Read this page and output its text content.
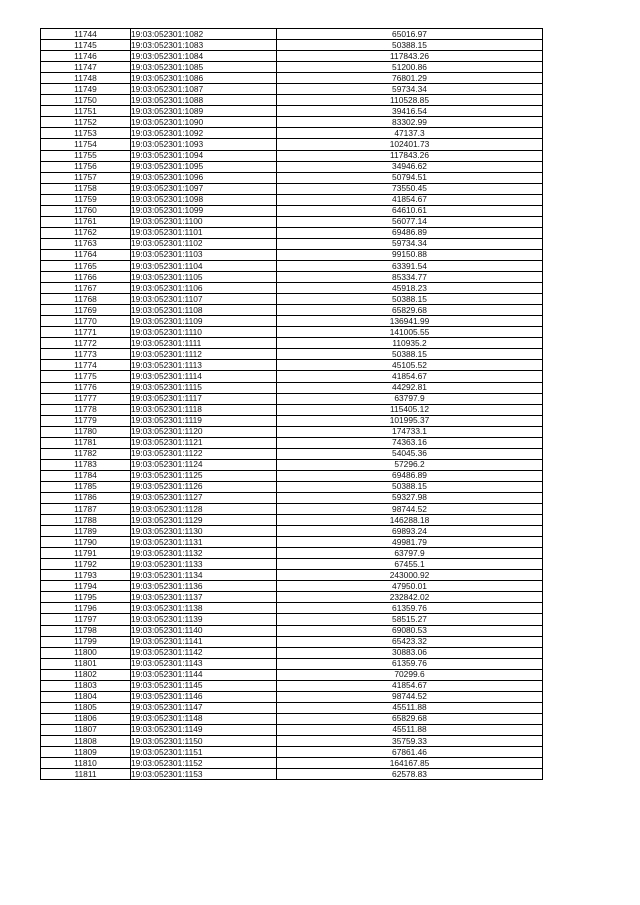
11744	19:03:052301:1082	65016.97
11745	19:03:052301:1083	50388.15
11746	19:03:052301:1084	117843.26
11747	19:03:052301:1085	51200.86
11748	19:03:052301:1086	76801.29
11749	19:03:052301:1087	59734.34
11750	19:03:052301:1088	110528.85
11751	19:03:052301:1089	39416.54
11752	19:03:052301:1090	83302.99
11753	19:03:052301:1092	47137.3
11754	19:03:052301:1093	102401.73
11755	19:03:052301:1094	117843.26
11756	19:03:052301:1095	34946.62
11757	19:03:052301:1096	50794.51
11758	19:03:052301:1097	73550.45
11759	19:03:052301:1098	41854.67
11760	19:03:052301:1099	64610.61
11761	19:03:052301:1100	56077.14
11762	19:03:052301:1101	69486.89
11763	19:03:052301:1102	59734.34
11764	19:03:052301:1103	99150.88
11765	19:03:052301:1104	63391.54
11766	19:03:052301:1105	85334.77
11767	19:03:052301:1106	45918.23
11768	19:03:052301:1107	50388.15
11769	19:03:052301:1108	65829.68
11770	19:03:052301:1109	136941.99
11771	19:03:052301:1110	141005.55
11772	19:03:052301:1111	110935.2
11773	19:03:052301:1112	50388.15
11774	19:03:052301:1113	45105.52
11775	19:03:052301:1114	41854.67
11776	19:03:052301:1115	44292.81
11777	19:03:052301:1117	63797.9
11778	19:03:052301:1118	115405.12
11779	19:03:052301:1119	101995.37
11780	19:03:052301:1120	174733.1
11781	19:03:052301:1121	74363.16
11782	19:03:052301:1122	54045.36
11783	19:03:052301:1124	57296.2
11784	19:03:052301:1125	69486.89
11785	19:03:052301:1126	50388.15
11786	19:03:052301:1127	59327.98
11787	19:03:052301:1128	98744.52
11788	19:03:052301:1129	146288.18
11789	19:03:052301:1130	69893.24
11790	19:03:052301:1131	49981.79
11791	19:03:052301:1132	63797.9
11792	19:03:052301:1133	67455.1
11793	19:03:052301:1134	243000.92
11794	19:03:052301:1136	47950.01
11795	19:03:052301:1137	232842.02
11796	19:03:052301:1138	61359.76
11797	19:03:052301:1139	58515.27
11798	19:03:052301:1140	69080.53
11799	19:03:052301:1141	65423.32
11800	19:03:052301:1142	30883.06
11801	19:03:052301:1143	61359.76
11802	19:03:052301:1144	70299.6
11803	19:03:052301:1145	41854.67
11804	19:03:052301:1146	98744.52
11805	19:03:052301:1147	45511.88
11806	19:03:052301:1148	65829.68
11807	19:03:052301:1149	45511.88
11808	19:03:052301:1150	35759.33
11809	19:03:052301:1151	67861.46
11810	19:03:052301:1152	164167.85
11811	19:03:052301:1153	62578.83
